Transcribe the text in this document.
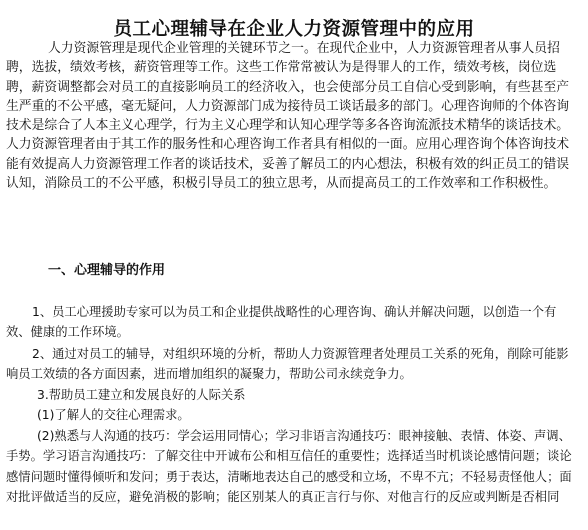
员工心理辅导在企业人力资源管理中的应用

人力资源管理是现代企业管理的关键环节之一。在现代企业中，人力资源管理者从事人员招聘，选拔，绩效考核，薪资管理等工作。这些工作常常被认为是得罪人的工作，绩效考核，岗位选聘，薪资调整都会对员工的直接影响员工的经济收入，也会使部分员工自信心受到影响，有些甚至产生严重的不公平感，毫无疑问，人力资源部门成为接待员工谈话最多的部门。心理咨询师的个体咨询技术是综合了人本主义心理学，行为主义心理学和认知心理学等多各咨询流派技术精华的谈话技术。人力资源管理者由于其工作的服务性和心理咨询工作者具有相似的一面。应用心理咨询个体咨询技术能有效提高人力资源管理工作者的谈话技术，妥善了解员工的内心想法，积极有效的纠正员工的错误认知，消除员工的不公平感，积极引导员工的独立思考，从而提高员工的工作效率和工作积极性。

一、心理辅导的作用

1、员工心理援助专家可以为员工和企业提供战略性的心理咨询、确认并解决问题，以创造一个有效、健康的工作环境。

2、通过对员工的辅导，对组织环境的分析，帮助人力资源管理者处理员工关系的死角，削除可能影响员工效绩的各方面因素，进而增加组织的凝聚力，帮助公司永续竞争力。

3.帮助员工建立和发展良好的人际关系

(1)了解人的交往心理需求。

(2)熟悉与人沟通的技巧：学会运用同情心；学习非语言沟通技巧：眼神接触、表情、体姿、声调、手势。学习语言沟通技巧：了解交往中开诚布公和相互信任的重要性；选择适当时机谈论感情问题；谈论感情问题时懂得倾听和发问；勇于表达，清晰地表达自己的感受和立场，不卑不亢；不轻易责怪他人；面对批评做适当的反应，避免消极的影响；能区别某人的真正言行与你、对他言行的反应或判断是否相同
